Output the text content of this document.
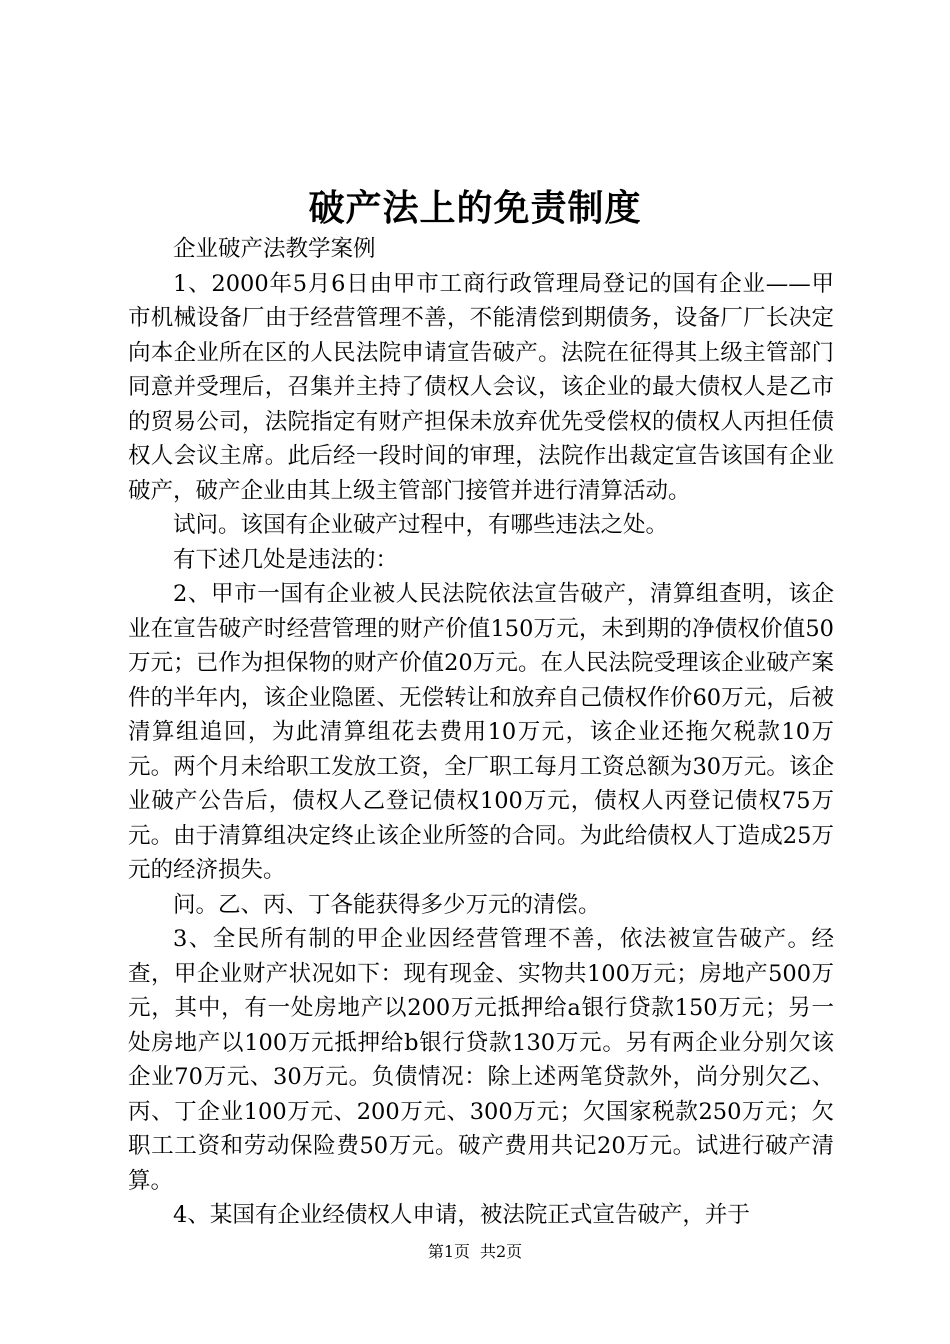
破产法上的免责制度

企业破产法教学案例

1、2000年5月6日由甲市工商行政管理局登记的国有企业——甲市机械设备厂由于经营管理不善，不能清偿到期债务，设备厂厂长决定向本企业所在区的人民法院申请宣告破产。法院在征得其上级主管部门同意并受理后，召集并主持了债权人会议，该企业的最大债权人是乙市的贸易公司，法院指定有财产担保未放弃优先受偿权的债权人丙担任债权人会议主席。此后经一段时间的审理，法院作出裁定宣告该国有企业破产，破产企业由其上级主管部门接管并进行清算活动。

试问。该国有企业破产过程中，有哪些违法之处。

有下述几处是违法的：

2、甲市一国有企业被人民法院依法宣告破产，清算组查明，该企业在宣告破产时经营管理的财产价值150万元，未到期的净债权价值50万元；已作为担保物的财产价值20万元。在人民法院受理该企业破产案件的半年内，该企业隐匿、无偿转让和放弃自己债权作价60万元，后被清算组追回，为此清算组花去费用10万元，该企业还拖欠税款10万元。两个月未给职工发放工资，全厂职工每月工资总额为30万元。该企业破产公告后，债权人乙登记债权100万元，债权人丙登记债权75万元。由于清算组决定终止该企业所签的合同。为此给债权人丁造成25万元的经济损失。

问。乙、丙、丁各能获得多少万元的清偿。

3、全民所有制的甲企业因经营管理不善，依法被宣告破产。经查，甲企业财产状况如下：现有现金、实物共100万元；房地产500万元，其中，有一处房地产以200万元抵押给a银行贷款150万元；另一处房地产以100万元抵押给b银行贷款130万元。另有两企业分别欠该企业70万元、30万元。负债情况：除上述两笔贷款外，尚分别欠乙、丙、丁企业100万元、200万元、300万元；欠国家税款250万元；欠职工工资和劳动保险费50万元。破产费用共记20万元。试进行破产清算。

4、某国有企业经债权人申请，被法院正式宣告破产，并于

第1页 共2页
